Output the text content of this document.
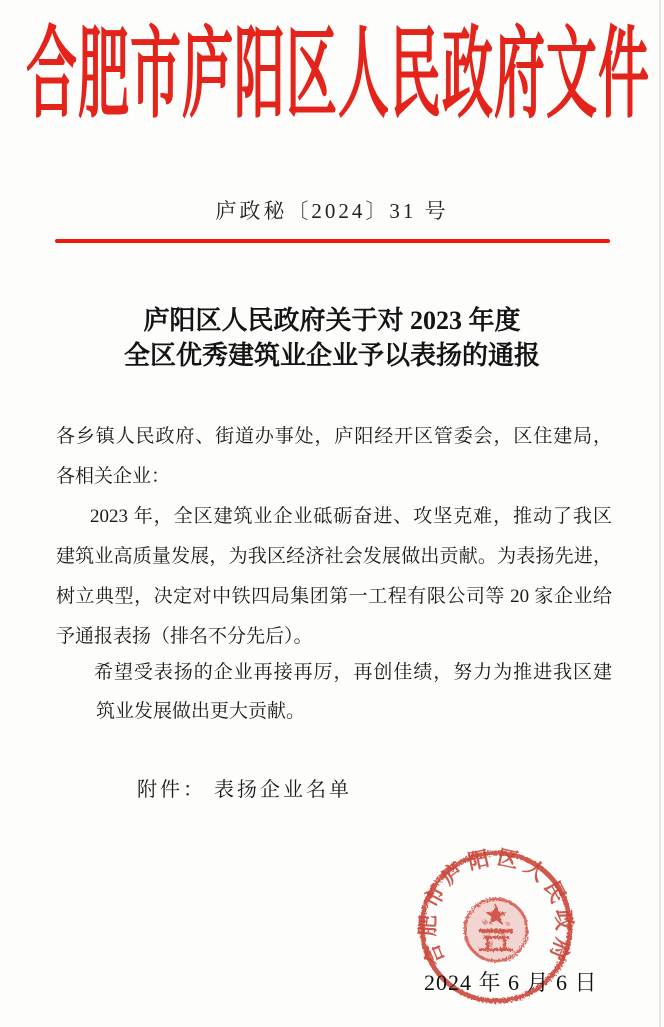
合肥市庐阳区人民政府文件
庐政秘〔2024〕31 号
庐阳区人民政府关于对 2023 年度
全区优秀建筑业企业予以表扬的通报
各乡镇人民政府、街道办事处，庐阳经开区管委会，区住建局，
各相关企业：
2023 年，全区建筑业企业砥砺奋进、攻坚克难，推动了我区
建筑业高质量发展，为我区经济社会发展做出贡献。为表扬先进，
树立典型，决定对中铁四局集团第一工程有限公司等 20 家企业给
予通报表扬（排名不分先后）。
希望受表扬的企业再接再厉，再创佳绩，努力为推进我区建
筑业发展做出更大贡献。
附件： 表扬企业名单
2024 年 6 月 6 日
合肥市庐阳区人民政府
